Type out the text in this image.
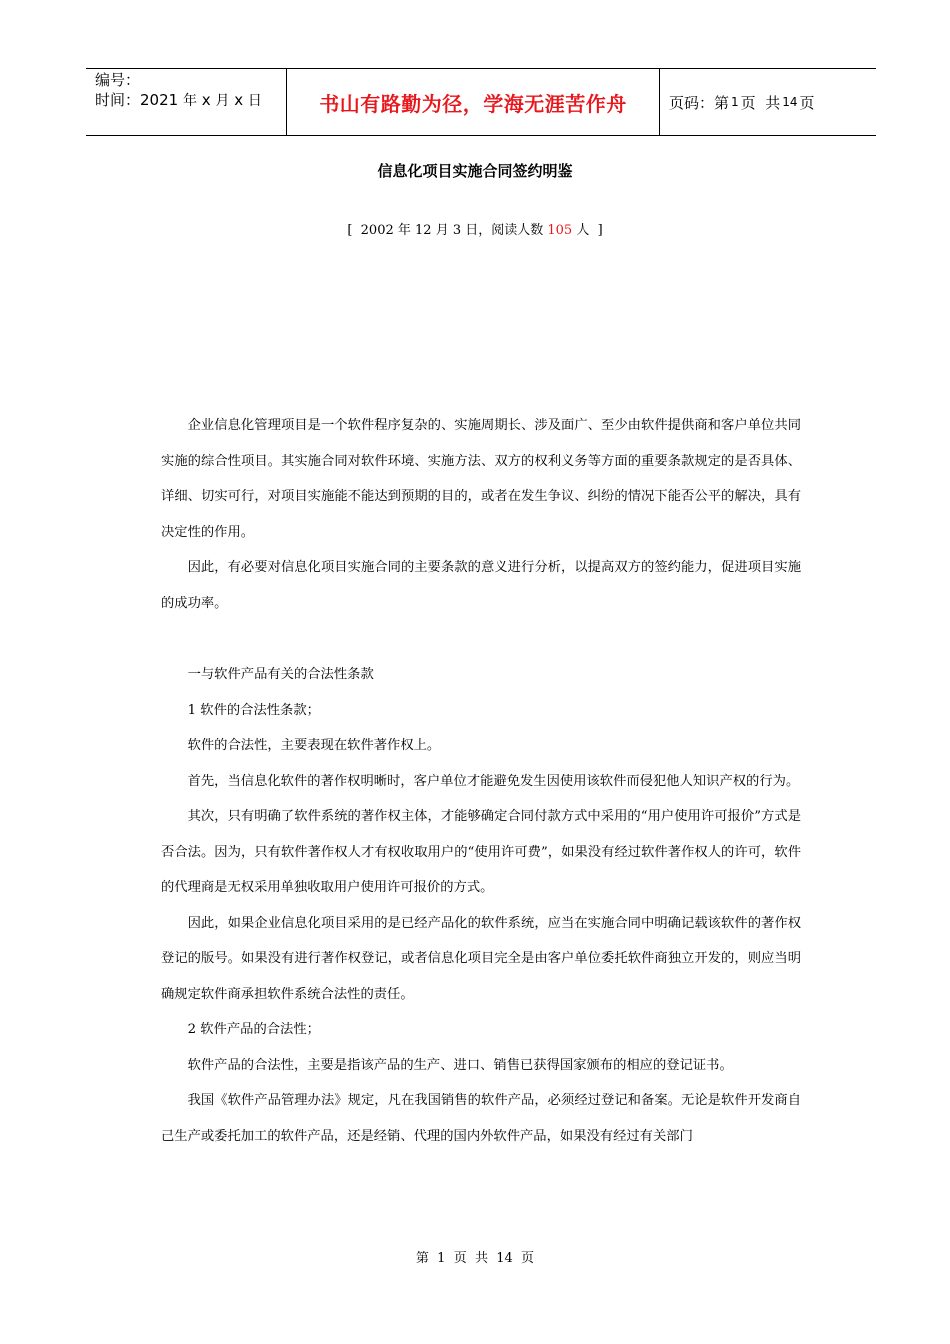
编号：
时间：2021 年 x 月 x 日	书山有路勤为径，学海无涯苦作舟	页码：第 1 页  共 14 页
信息化项目实施合同签约明鉴
[  2002 年 12 月 3 日，阅读人数 105 人  ]

企业信息化管理项目是一个软件程序复杂的、实施周期长、涉及面广、至少由软件提供商和客户单位共同实施的综合性项目。其实施合同对软件环境、实施方法、双方的权利义务等方面的重要条款规定的是否具体、详细、切实可行，对项目实施能不能达到预期的目的，或者在发生争议、纠纷的情况下能否公平的解决，具有决定性的作用。

因此，有必要对信息化项目实施合同的主要条款的意义进行分析，以提高双方的签约能力，促进项目实施的成功率。

一与软件产品有关的合法性条款

1 软件的合法性条款；

软件的合法性，主要表现在软件著作权上。

首先，当信息化软件的著作权明晰时，客户单位才能避免发生因使用该软件而侵犯他人知识产权的行为。

其次，只有明确了软件系统的著作权主体，才能够确定合同付款方式中采用的“用户使用许可报价”方式是否合法。因为，只有软件著作权人才有权收取用户的“使用许可费”，如果没有经过软件著作权人的许可，软件的代理商是无权采用单独收取用户使用许可报价的方式。

因此，如果企业信息化项目采用的是已经产品化的软件系统，应当在实施合同中明确记载该软件的著作权登记的版号。如果没有进行著作权登记，或者信息化项目完全是由客户单位委托软件商独立开发的，则应当明确规定软件商承担软件系统合法性的责任。

2 软件产品的合法性；

软件产品的合法性，主要是指该产品的生产、进口、销售已获得国家颁布的相应的登记证书。

我国《软件产品管理办法》规定，凡在我国销售的软件产品，必须经过登记和备案。无论是软件开发商自己生产或委托加工的软件产品，还是经销、代理的国内外软件产品，如果没有经过有关部门

第  1  页  共  14  页
